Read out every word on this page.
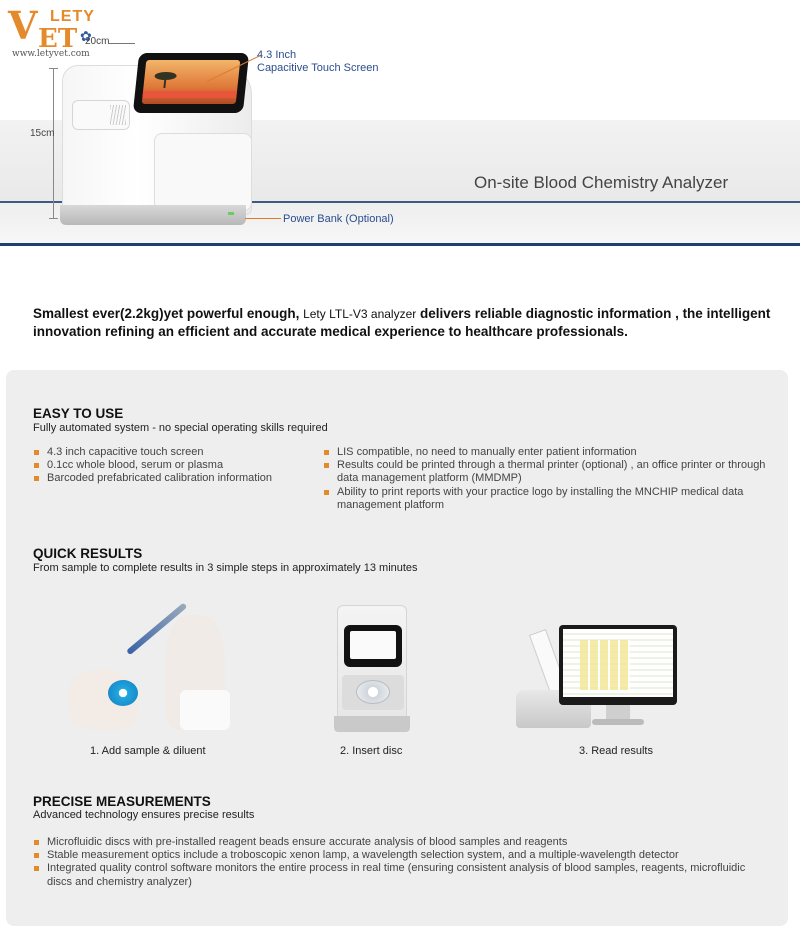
V LETY
ET ✿
www.letyvet.com
20cm
15cm
4.3 Inch
Capacitive Touch Screen
Power Bank (Optional)
On-site Blood Chemistry Analyzer

Smallest ever(2.2kg)yet powerful enough, Lety LTL-V3 analyzer delivers reliable diagnostic information , the intelligent innovation refining an efficient and accurate medical experience to healthcare professionals.

EASY TO USE
Fully automated system - no special operating skills required
4.3 inch capacitive touch screen
0.1cc whole blood, serum or plasma
Barcoded prefabricated calibration information
LIS compatible, no need to manually enter patient information
Results could be printed through a thermal printer (optional) , an office printer or through data management platform (MMDMP)
Ability to print reports with your practice logo by installing the MNCHIP medical data management platform
QUICK RESULTS
From sample to complete results in 3 simple steps in approximately 13 minutes
1. Add sample & diluent	2. Insert disc	3. Read results
PRECISE MEASUREMENTS
Advanced technology ensures precise results
Microfluidic discs with pre-installed reagent beads ensure accurate analysis of blood samples and reagents
Stable measurement optics include a troboscopic xenon lamp, a wavelength selection system, and a multiple-wavelength detector
Integrated quality control software monitors the entire process in real time (ensuring consistent analysis of blood samples, reagents, microfluidic discs and chemistry analyzer)
